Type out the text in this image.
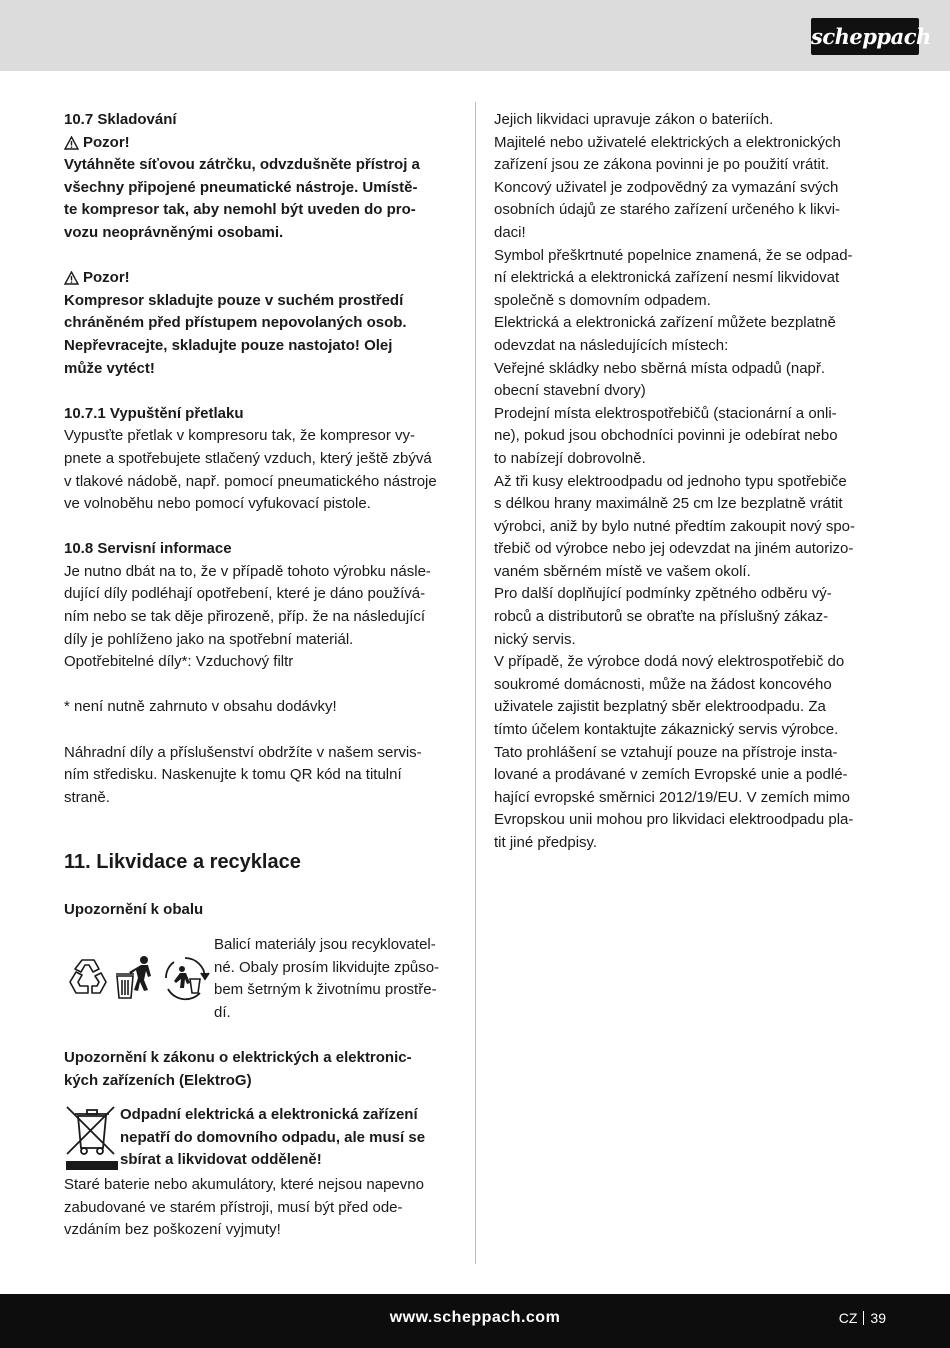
scheppach
10.7 Skladování
Pozor!
Vytáhněte síťovou zátrčku, odvzdušněte přístroj a
všechny připojené pneumatické nástroje. Umístě-
te kompresor tak, aby nemohl být uveden do pro-
vozu neoprávněnými osobami.
Pozor!
Kompresor skladujte pouze v suchém prostředí
chráněném před přístupem nepovolaných osob.
Nepřevracejte, skladujte pouze nastojato! Olej
může vytéct!
10.7.1 Vypuštění přetlaku
Vypusťte přetlak v kompresoru tak, že kompresor vy-
pnete a spotřebujete stlačený vzduch, který ještě zbývá
v tlakové nádobě, např. pomocí pneumatického nástroje
ve volnoběhu nebo pomocí vyfukovací pistole.
10.8 Servisní informace
Je nutno dbát na to, že v případě tohoto výrobku násle-
dující díly podléhají opotřebení, které je dáno používá-
ním nebo se tak děje přirozeně, příp. že na následující
díly je pohlíženo jako na spotřební materiál.
Opotřebitelné díly*: Vzduchový filtr
* není nutně zahrnuto v obsahu dodávky!
Náhradní díly a příslušenství obdržíte v našem servis-
ním středisku. Naskenujte k tomu QR kód na titulní
straně.
11. Likvidace a recyklace
Upozornění k obalu
Balicí materiály jsou recyklovatel-
né. Obaly prosím likvidujte způso-
bem šetrným k životnímu prostře-
dí.
Upozornění k zákonu o elektrických a elektronic-
kých zařízeních (ElektroG)
Odpadní elektrická a elektronická zařízení
nepatří do domovního odpadu, ale musí se
sbírat a likvidovat odděleně!
Staré baterie nebo akumulátory, které nejsou napevno
zabudované ve starém přístroji, musí být před ode-
vzdáním bez poškození vyjmuty!
Jejich likvidaci upravuje zákon o bateriích.
Majitelé nebo uživatelé elektrických a elektronických
zařízení jsou ze zákona povinni je po použití vrátit.
Koncový uživatel je zodpovědný za vymazání svých
osobních údajů ze starého zařízení určeného k likvi-
daci!
Symbol přeškrtnuté popelnice znamená, že se odpad-
ní elektrická a elektronická zařízení nesmí likvidovat
společně s domovním odpadem.
Elektrická a elektronická zařízení můžete bezplatně
odevzdat na následujících místech:
Veřejné skládky nebo sběrná místa odpadů (např.
obecní stavební dvory)
Prodejní místa elektrospotřebičů (stacionární a onli-
ne), pokud jsou obchodníci povinni je odebírat nebo
to nabízejí dobrovolně.
Až tři kusy elektroodpadu od jednoho typu spotřebiče
s délkou hrany maximálně 25 cm lze bezplatně vrátit
výrobci, aniž by bylo nutné předtím zakoupit nový spo-
třebič od výrobce nebo jej odevzdat na jiném autorizo-
vaném sběrném místě ve vašem okolí.
Pro další doplňující podmínky zpětného odběru vý-
robců a distributorů se obraťte na příslušný zákaz-
nický servis.
V případě, že výrobce dodá nový elektrospotřebič do
soukromé domácnosti, může na žádost koncového
uživatele zajistit bezplatný sběr elektroodpadu. Za
tímto účelem kontaktujte zákaznický servis výrobce.
Tato prohlášení se vztahují pouze na přístroje insta-
lované a prodávané v zemích Evropské unie a podlé-
hající evropské směrnici 2012/19/EU. V zemích mimo
Evropskou unii mohou pro likvidaci elektroodpadu pla-
tit jiné předpisy.
www.scheppach.com	CZ 39
